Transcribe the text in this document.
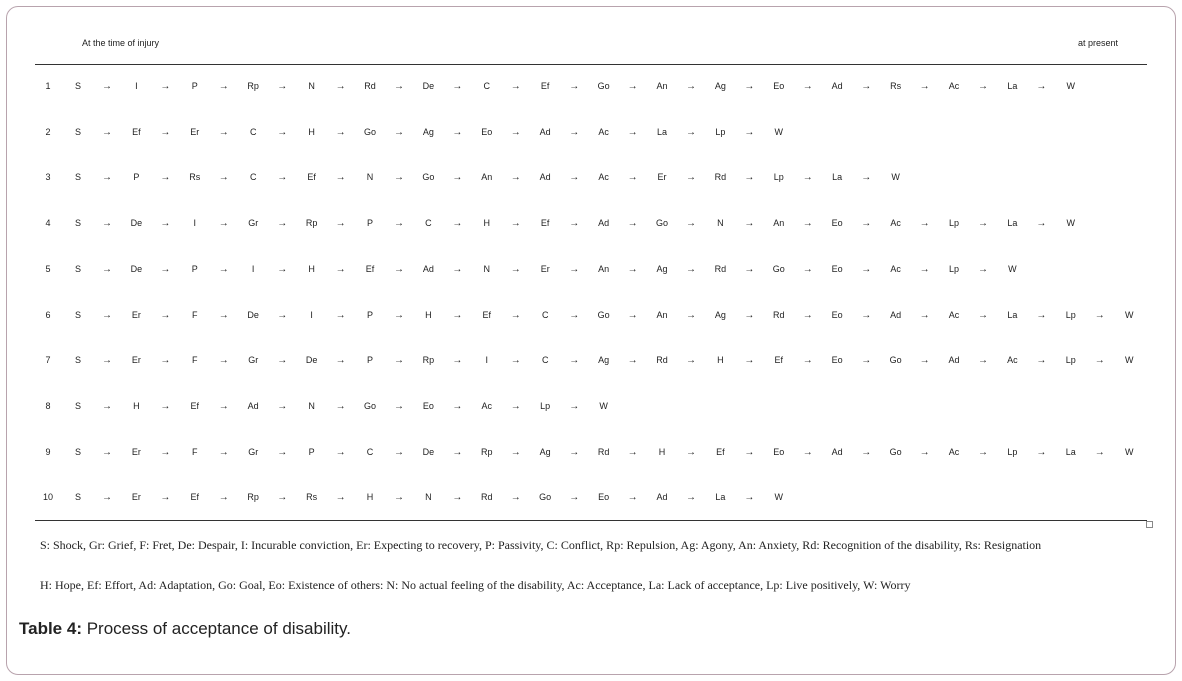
At the time of injury	at present
1	S	→	I	→	P	→	Rp	→	N	→	Rd	→	De	→	C	→	Ef	→	Go	→	An	→	Ag	→	Eo	→	Ad	→	Rs	→	Ac	→	La	→	W
2	S	→	Ef	→	Er	→	C	→	H	→	Go	→	Ag	→	Eo	→	Ad	→	Ac	→	La	→	Lp	→	W
3	S	→	P	→	Rs	→	C	→	Ef	→	N	→	Go	→	An	→	Ad	→	Ac	→	Er	→	Rd	→	Lp	→	La	→	W
4	S	→	De	→	I	→	Gr	→	Rp	→	P	→	C	→	H	→	Ef	→	Ad	→	Go	→	N	→	An	→	Eo	→	Ac	→	Lp	→	La	→	W
5	S	→	De	→	P	→	I	→	H	→	Ef	→	Ad	→	N	→	Er	→	An	→	Ag	→	Rd	→	Go	→	Eo	→	Ac	→	Lp	→	W
6	S	→	Er	→	F	→	De	→	I	→	P	→	H	→	Ef	→	C	→	Go	→	An	→	Ag	→	Rd	→	Eo	→	Ad	→	Ac	→	La	→	Lp	→	W
7	S	→	Er	→	F	→	Gr	→	De	→	P	→	Rp	→	I	→	C	→	Ag	→	Rd	→	H	→	Ef	→	Eo	→	Go	→	Ad	→	Ac	→	Lp	→	W
8	S	→	H	→	Ef	→	Ad	→	N	→	Go	→	Eo	→	Ac	→	Lp	→	W
9	S	→	Er	→	F	→	Gr	→	P	→	C	→	De	→	Rp	→	Ag	→	Rd	→	H	→	Ef	→	Eo	→	Ad	→	Go	→	Ac	→	Lp	→	La	→	W
10	S	→	Er	→	Ef	→	Rp	→	Rs	→	H	→	N	→	Rd	→	Go	→	Eo	→	Ad	→	La	→	W
S: Shock, Gr: Grief, F: Fret, De: Despair, I: Incurable conviction, Er: Expecting to recovery, P: Passivity, C: Conflict, Rp: Repulsion, Ag: Agony, An: Anxiety, Rd: Recognition of the disability, Rs: Resignation
H: Hope, Ef: Effort, Ad: Adaptation, Go: Goal, Eo: Existence of others: N: No actual feeling of the disability, Ac: Acceptance, La: Lack of acceptance, Lp: Live positively, W: Worry
Table 4: Process of acceptance of disability.
